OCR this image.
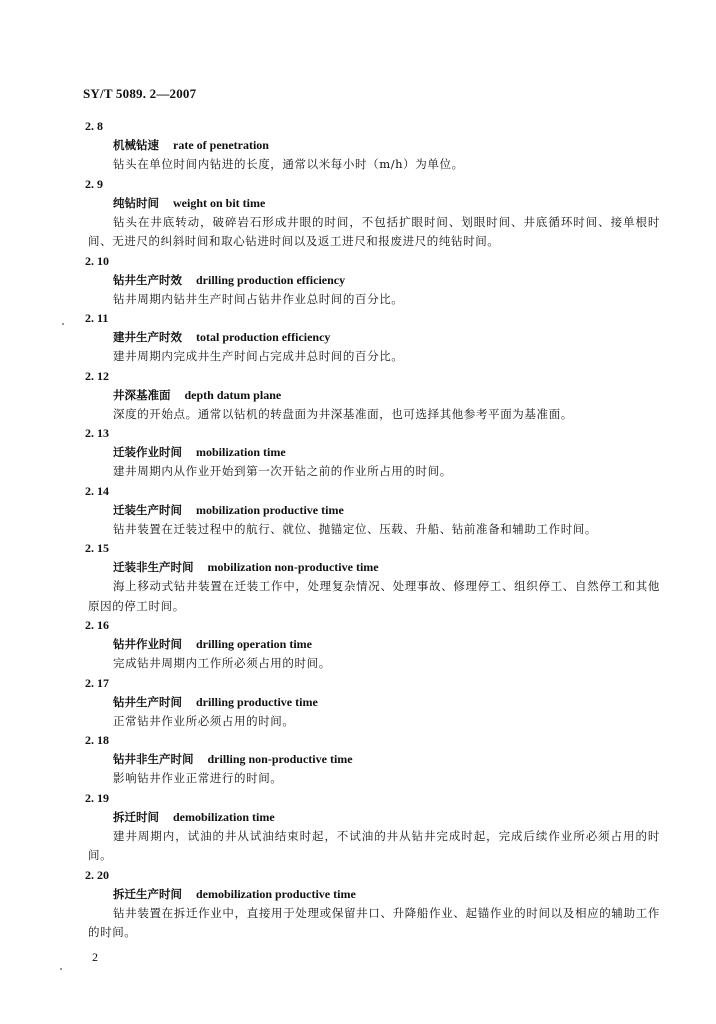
SY/T 5089. 2—2007
2. 8
机械钻速 rate of penetration
钻头在单位时间内钻进的长度，通常以米每小时（m/h）为单位。
2. 9
纯钻时间 weight on bit time
钻头在井底转动，破碎岩石形成井眼的时间，不包括扩眼时间、划眼时间、井底循环时间、接单根时间、无进尺的纠斜时间和取心钻进时间以及返工进尺和报废进尺的纯钻时间。
2. 10
钻井生产时效 drilling production efficiency
钻井周期内钻井生产时间占钻井作业总时间的百分比。
2. 11
建井生产时效 total production efficiency
建井周期内完成井生产时间占完成井总时间的百分比。
2. 12
井深基准面 depth datum plane
深度的开始点。通常以钻机的转盘面为井深基准面，也可选择其他参考平面为基准面。
2. 13
迁装作业时间 mobilization time
建井周期内从作业开始到第一次开钻之前的作业所占用的时间。
2. 14
迁装生产时间 mobilization productive time
钻井装置在迁装过程中的航行、就位、抛锚定位、压载、升船、钻前准备和辅助工作时间。
2. 15
迁装非生产时间 mobilization non-productive time
海上移动式钻井装置在迁装工作中，处理复杂情况、处理事故、修理停工、组织停工、自然停工和其他原因的停工时间。
2. 16
钻井作业时间 drilling operation time
完成钻井周期内工作所必须占用的时间。
2. 17
钻井生产时间 drilling productive time
正常钻井作业所必须占用的时间。
2. 18
钻井非生产时间 drilling non-productive time
影响钻井作业正常进行的时间。
2. 19
拆迁时间 demobilization time
建井周期内，试油的井从试油结束时起，不试油的井从钻井完成时起，完成后续作业所必须占用的时间。
2. 20
拆迁生产时间 demobilization productive time
钻井装置在拆迁作业中，直接用于处理或保留井口、升降船作业、起锚作业的时间以及相应的辅助工作的时间。
2
